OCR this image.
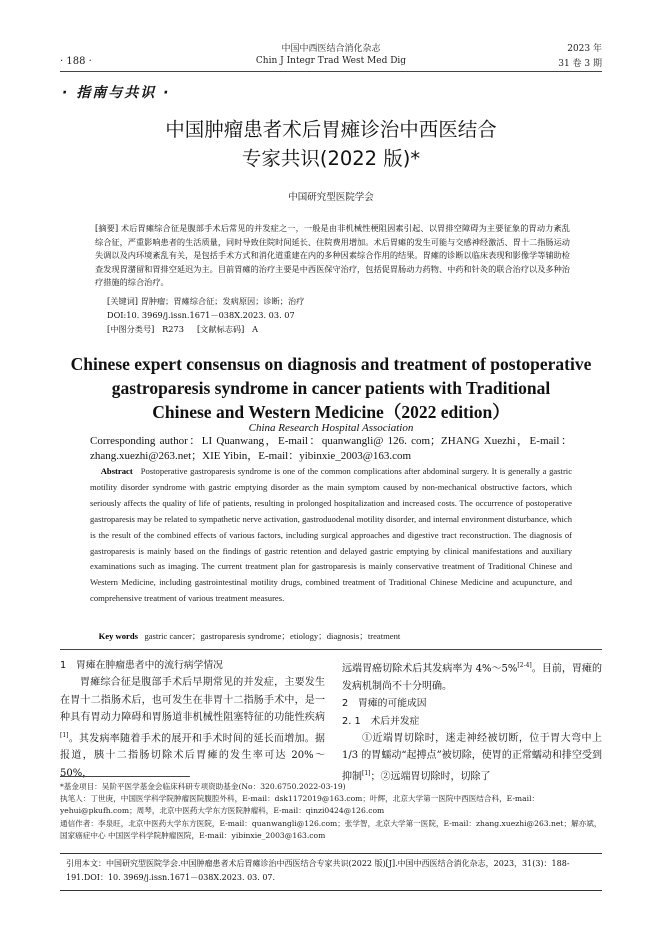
· 188 ·
中国中西医结合消化杂志
Chin J Integr Trad West Med Dig
2023 年
31 卷 3 期
· 指南与共识 ·
中国肿瘤患者术后胃瘫诊治中西医结合
专家共识(2022 版)*
中国研究型医院学会
[摘要] 术后胃瘫综合征是腹部手术后常见的并发症之一，一般是由非机械性梗阻因素引起、以胃排空障碍为主要征象的胃动力紊乱综合征，严重影响患者的生活质量，同时导致住院时间延长、住院费用增加。术后胃瘫的发生可能与交感神经激活、胃十二指肠运动失调以及内环境紊乱有关，是包括手术方式和消化道重建在内的多种因素综合作用的结果。胃瘫的诊断以临床表现和影像学等辅助检查发现胃潴留和胃排空延迟为主。目前胃瘫的治疗主要是中西医保守治疗，包括促胃肠动力药物、中药和针灸的联合治疗以及多种治疗措施的综合治疗。
[关键词] 胃肿瘤；胃瘫综合征；发病原因；诊断；治疗
DOI:10. 3969/j.issn.1671－038X.2023. 03. 07
[中图分类号] R273 [文献标志码] A
Chinese expert consensus on diagnosis and treatment of postoperative
gastroparesis syndrome in cancer patients with Traditional
Chinese and Western Medicine（2022 edition）
China Research Hospital Association
Corresponding author：LI Quanwang，E-mail：quanwangli@ 126. com；ZHANG Xuezhi，E-mail：zhang.xuezhi@263.net；XIE Yibin，E-mail：yibinxie_2003@163.com
Abstract Postoperative gastroparesis syndrome is one of the common complications after abdominal surgery. It is generally a gastric motility disorder syndrome with gastric emptying disorder as the main symptom caused by non-mechanical obstructive factors, which seriously affects the quality of life of patients, resulting in prolonged hospitalization and increased costs. The occurrence of postoperative gastroparesis may be related to sympathetic nerve activation, gastroduodenal motility disorder, and internal environment disturbance, which is the result of the combined effects of various factors, including surgical approaches and digestive tract reconstruction. The diagnosis of gastroparesis is mainly based on the findings of gastric retention and delayed gastric emptying by clinical manifestations and auxiliary examinations such as imaging. The current treatment plan for gastroparesis is mainly conservative treatment of Traditional Chinese and Western Medicine, including gastrointestinal motility drugs, combined treatment of Traditional Chinese Medicine and acupuncture, and comprehensive treatment of various treatment measures.
Key words gastric cancer；gastroparesis syndrome；etiology；diagnosis；treatment
1　胃瘫在肿瘤患者中的流行病学情况

胃瘫综合征是腹部手术后早期常见的并发症，主要发生在胃十二指肠术后，也可发生在非胃十二指肠手术中，是一种具有胃动力障碍和胃肠道非机械性阻塞特征的功能性疾病[1]。其发病率随着手术的展开和手术时间的延长而增加。据报道，胰十二指肠切除术后胃瘫的发生率可达 20%～50%，

远端胃癌切除术后其发病率为 4%～5%[2-4]。目前，胃瘫的发病机制尚不十分明确。

2　胃瘫的可能成因
2. 1　术后并发症

①近端胃切除时，迷走神经被切断，位于胃大弯中上 1/3 的胃蠕动“起搏点”被切除，使胃的正常蠕动和排空受到抑制[1]；②远端胃切除时，切除了

*基金项目：吴阶平医学基金会临床科研专项资助基金(No：320.6750.2022-03-19)

执笔人：丁世庚，中国医学科学院肿瘤医院腹腔外科，E-mail：dsk1172019@163.com；叶辉，北京大学第一医院中西医结合科，E-mail：yehui@pkufh.com；周琴，北京中医药大学东方医院肿瘤科，E-mail：qinzi0424@126.com

通信作者：李泉旺，北京中医药大学东方医院，E-mail：quanwangli@126.com；张学智，北京大学第一医院，E-mail：zhang.xuezhi@263.net；解亦斌，国家癌症中心 中国医学科学院肿瘤医院，E-mail：yibinxie_2003@163.com

引用本文：中国研究型医院学会.中国肿瘤患者术后胃瘫诊治中西医结合专家共识(2022 版)[J].中国中西医结合消化杂志，2023，31(3)：188-191.DOI：10. 3969/j.issn.1671－038X.2023. 03. 07.
